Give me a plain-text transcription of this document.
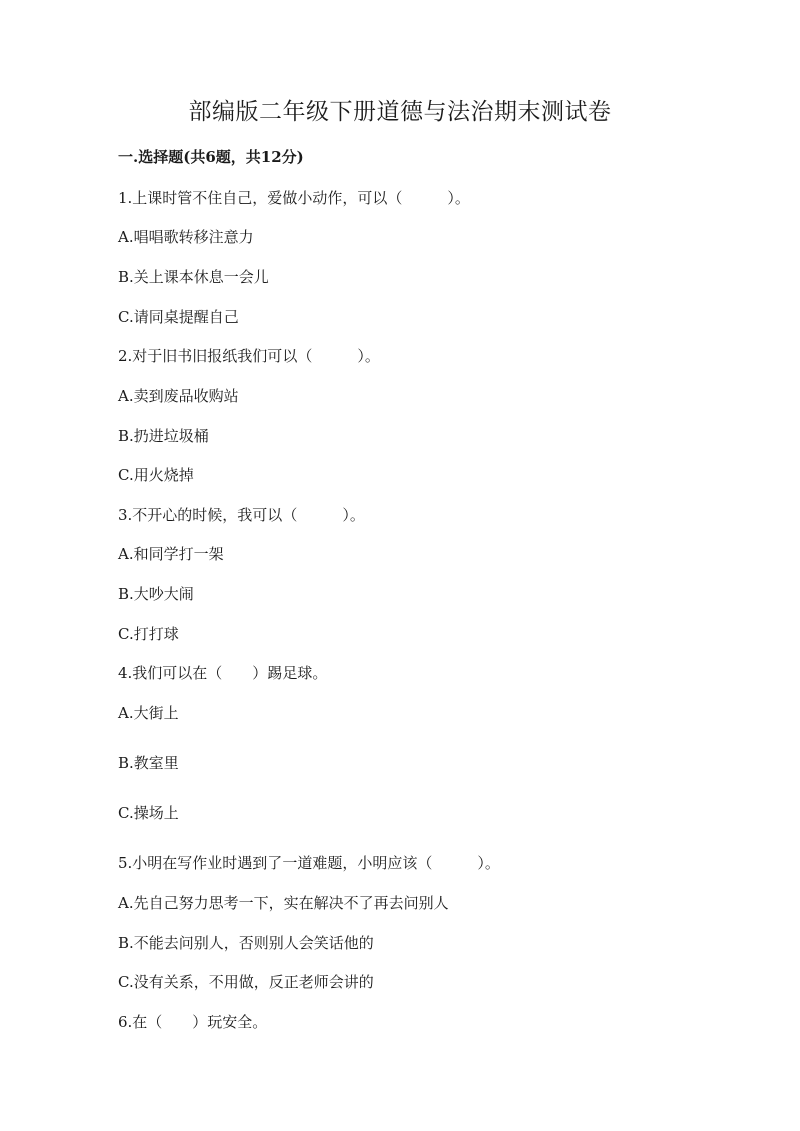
部编版二年级下册道德与法治期末测试卷

一.选择题(共6题，共12分)

1.上课时管不住自己，爱做小动作，可以（　　　）。

A.唱唱歌转移注意力

B.关上课本休息一会儿

C.请同桌提醒自己

2.对于旧书旧报纸我们可以（　　　）。

A.卖到废品收购站

B.扔进垃圾桶

C.用火烧掉

3.不开心的时候，我可以（　　　）。

A.和同学打一架

B.大吵大闹

C.打打球

4.我们可以在（　　）踢足球。

A.大街上

B.教室里

C.操场上

5.小明在写作业时遇到了一道难题，小明应该（　　　）。

A.先自己努力思考一下，实在解决不了再去问别人

B.不能去问别人，否则别人会笑话他的

C.没有关系，不用做，反正老师会讲的

6.在（　　）玩安全。
